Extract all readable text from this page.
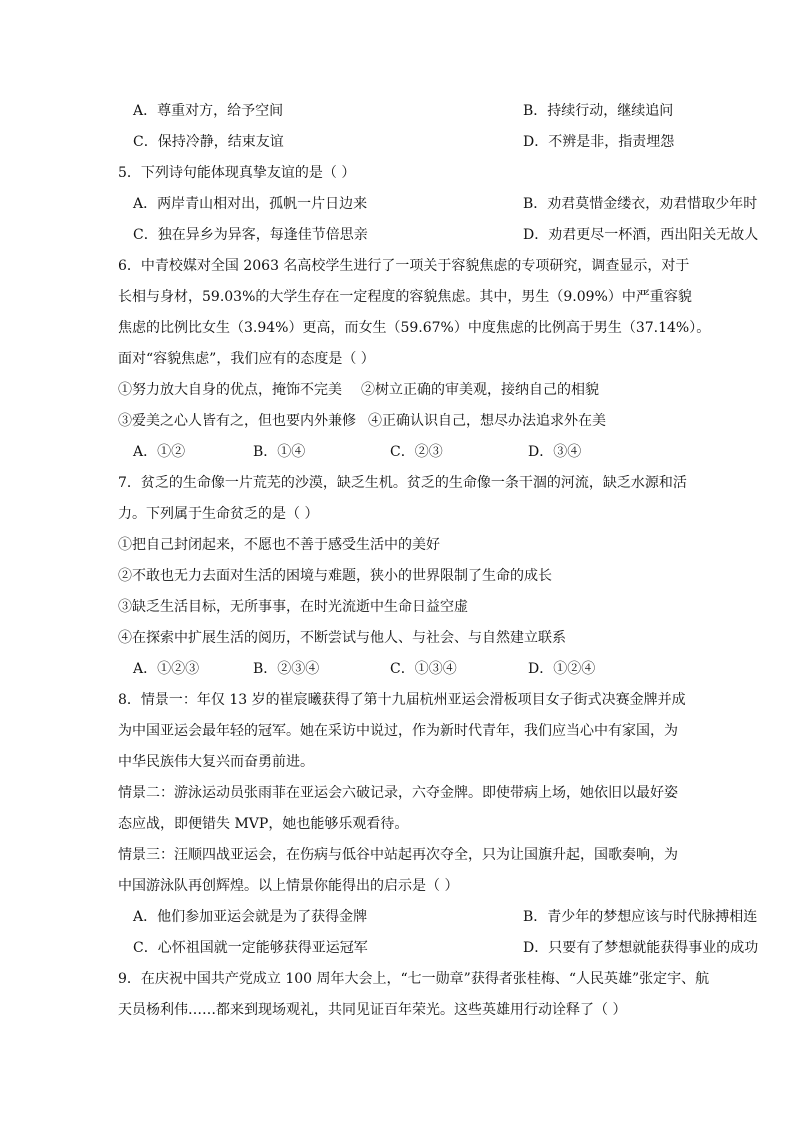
A．尊重对方，给予空间	B．持续行动，继续追问
C．保持冷静，结束友谊	D．不辨是非，指责埋怨
5．下列诗句能体现真挚友谊的是（ ）
A．两岸青山相对出，孤帆一片日边来	B．劝君莫惜金缕衣，劝君惜取少年时
C．独在异乡为异客，每逢佳节倍思亲	D．劝君更尽一杯酒，西出阳关无故人
6．中青校媒对全国 2063 名高校学生进行了一项关于容貌焦虑的专项研究，调查显示，对于
长相与身材，59.03%的大学生存在一定程度的容貌焦虑。其中，男生（9.09%）中严重容貌
焦虑的比例比女生（3.94%）更高，而女生（59.67%）中度焦虑的比例高于男生（37.14%）。
面对“容貌焦虑”，我们应有的态度是（ ）
①努力放大自身的优点，掩饰不完美 ②树立正确的审美观，接纳自己的相貌
③爱美之心人皆有之，但也要内外兼修 ④正确认识自己，想尽办法追求外在美
A．①②	B．①④	C．②③	D．③④
7．贫乏的生命像一片荒芜的沙漠，缺乏生机。贫乏的生命像一条干涸的河流，缺乏水源和活
力。下列属于生命贫乏的是（ ）
①把自己封闭起来，不愿也不善于感受生活中的美好
②不敢也无力去面对生活的困境与难题，狭小的世界限制了生命的成长
③缺乏生活目标，无所事事，在时光流逝中生命日益空虚
④在探索中扩展生活的阅历，不断尝试与他人、与社会、与自然建立联系
A．①②③	B．②③④	C．①③④	D．①②④
8．情景一：年仅 13 岁的崔宸曦获得了第十九届杭州亚运会滑板项目女子街式决赛金牌并成
为中国亚运会最年轻的冠军。她在采访中说过，作为新时代青年，我们应当心中有家国，为
中华民族伟大复兴而奋勇前进。
情景二：游泳运动员张雨菲在亚运会六破记录，六夺金牌。即使带病上场，她依旧以最好姿
态应战，即便错失 MVP，她也能够乐观看待。
情景三：汪顺四战亚运会，在伤病与低谷中站起再次夺全，只为让国旗升起，国歌奏响，为
中国游泳队再创辉煌。以上情景你能得出的启示是（ ）
A．他们参加亚运会就是为了获得金牌	B．青少年的梦想应该与时代脉搏相连
C．心怀祖国就一定能够获得亚运冠军	D．只要有了梦想就能获得事业的成功
9．在庆祝中国共产党成立 100 周年大会上，“七一勋章”获得者张桂梅、“人民英雄”张定宇、航
天员杨利伟……都来到现场观礼，共同见证百年荣光。这些英雄用行动诠释了（ ）
